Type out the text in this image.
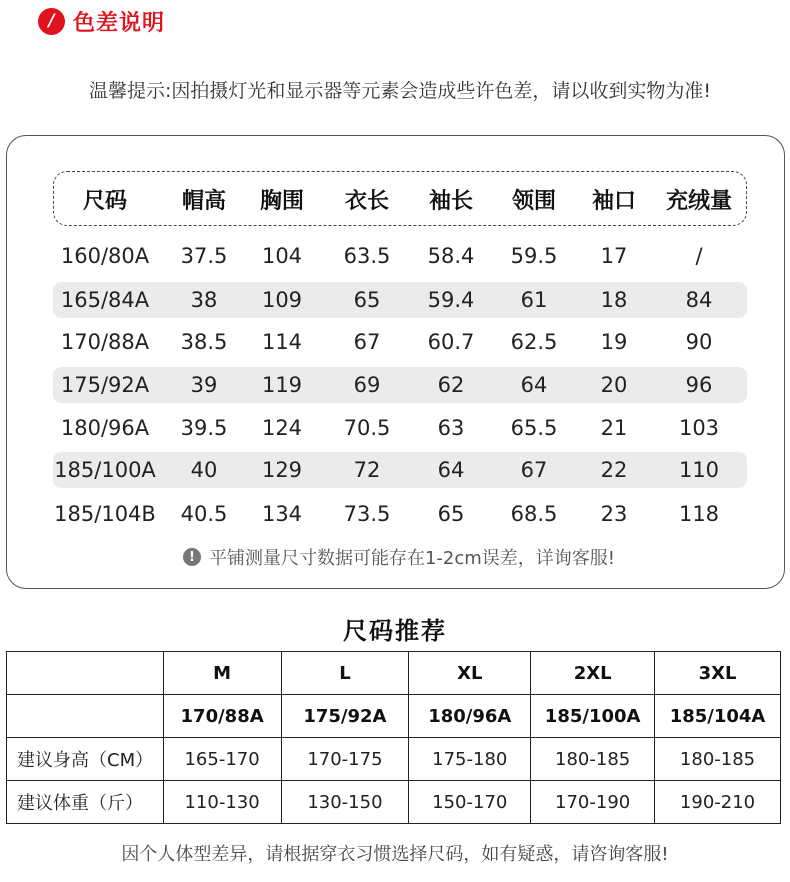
/ 色差说明
温馨提示:因拍摄灯光和显示器等元素会造成些许色差，请以收到实物为准!
尺码 帽高 胸围 衣长 袖长 领围 袖口 充绒量
160/80A 37.5 104 63.5 58.4 59.5 17	/
165/84A 38 109 65 59.4 61	18	84
170/88A 38.5 114 67 60.7 62.5 19	90
175/92A 39 119 69	62	64	20	96
180/96A 39.5 124 70.5 63 65.5 21 103
185/100A 40 129 72	64	67	22 110
185/104B 40.5 134 73.5 65 68.5 23 118
! 平铺测量尺寸数据可能存在1-2cm误差，详询客服!
尺码推荐
	M	L	XL	2XL	3XL
	170/88A	175/92A	180/96A	185/100A	185/104A
建议身高（CM）	165-170	170-175	175-180	180-185	180-185
建议体重（斤）	110-130	130-150	150-170	170-190	190-210
因个人体型差异，请根据穿衣习惯选择尺码，如有疑惑，请咨询客服!
